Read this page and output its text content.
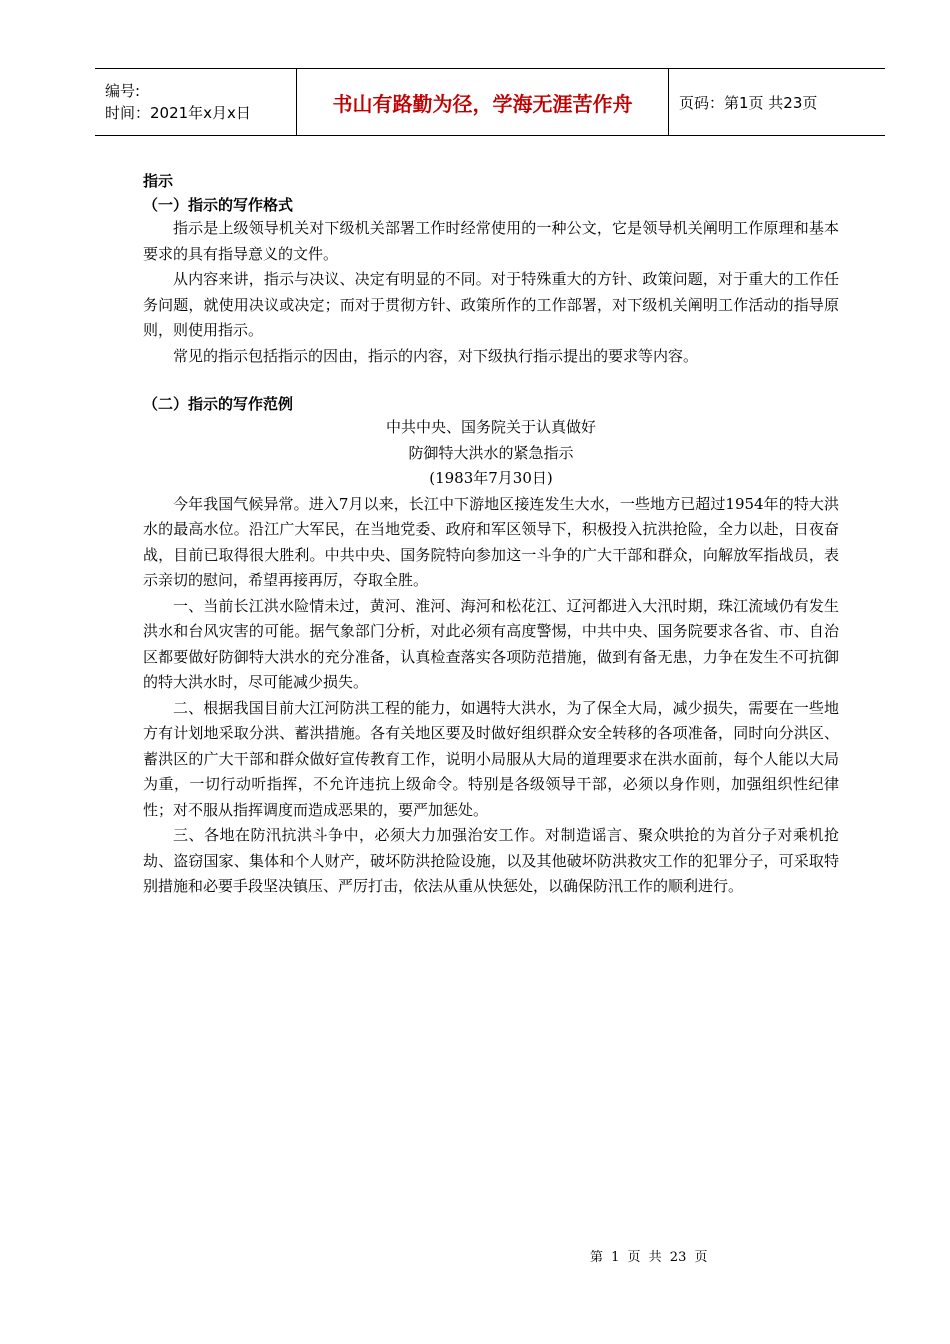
编号:
时间：2021年x月x日	书山有路勤为径，学海无涯苦作舟	页码：第1页 共23页
指示
（一）指示的写作格式

指示是上级领导机关对下级机关部署工作时经常使用的一种公文，它是领导机关阐明工作原理和基本要求的具有指导意义的文件。

从内容来讲，指示与决议、决定有明显的不同。对于特殊重大的方针、政策问题，对于重大的工作任务问题，就使用决议或决定；而对于贯彻方针、政策所作的工作部署，对下级机关阐明工作活动的指导原则，则使用指示。

常见的指示包括指示的因由，指示的内容，对下级执行指示提出的要求等内容。

（二）指示的写作范例

中共中央、国务院关于认真做好

防御特大洪水的紧急指示

(1983年7月30日)

今年我国气候异常。进入7月以来，长江中下游地区接连发生大水，一些地方已超过1954年的特大洪水的最高水位。沿江广大军民，在当地党委、政府和军区领导下，积极投入抗洪抢险，全力以赴，日夜奋战，目前已取得很大胜利。中共中央、国务院特向参加这一斗争的广大干部和群众，向解放军指战员，表示亲切的慰问，希望再接再厉，夺取全胜。

一、当前长江洪水险情未过，黄河、淮河、海河和松花江、辽河都进入大汛时期，珠江流域仍有发生洪水和台风灾害的可能。据气象部门分析，对此必须有高度警惕，中共中央、国务院要求各省、市、自治区都要做好防御特大洪水的充分准备，认真检查落实各项防范措施，做到有备无患，力争在发生不可抗御的特大洪水时，尽可能减少损失。

二、根据我国目前大江河防洪工程的能力，如遇特大洪水，为了保全大局，减少损失，需要在一些地方有计划地采取分洪、蓄洪措施。各有关地区要及时做好组织群众安全转移的各项准备，同时向分洪区、蓄洪区的广大干部和群众做好宣传教育工作，说明小局服从大局的道理要求在洪水面前，每个人能以大局为重，一切行动听指挥，不允许违抗上级命令。特别是各级领导干部，必须以身作则，加强组织性纪律性；对不服从指挥调度而造成恶果的，要严加惩处。

三、各地在防汛抗洪斗争中，必须大力加强治安工作。对制造谣言、聚众哄抢的为首分子对乘机抢劫、盗窃国家、集体和个人财产，破坏防洪抢险设施，以及其他破坏防洪救灾工作的犯罪分子，可采取特别措施和必要手段坚决镇压、严厉打击，依法从重从快惩处，以确保防汛工作的顺利进行。

第 1 页 共 23 页
